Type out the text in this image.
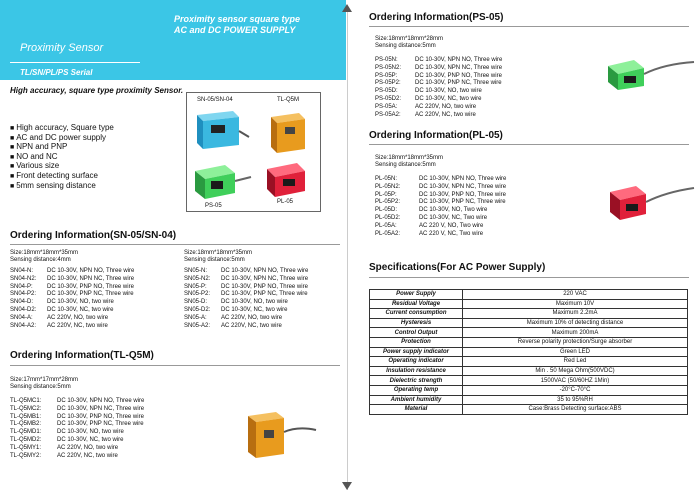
Proximity sensor square type
AC and DC POWER SUPPLY
Proximity Sensor
TL/SN/PL/PS Serial
High accuracy, square type proximity Sensor.
■ High accuracy, Square type
■ AC and DC power supply
■ NPN and PNP
■ NO and NC
■ Various size
■ Front detecting surface
■ 5mm sensing distance
SN-05/SN-04	TL-Q5M
PS-05
PL-05
Ordering Information(SN-05/SN-04)
Size:18mm*18mm*35mm
Sensing distance:4mm
SN04-N: DC 10-30V, NPN NO, Three wire
SN04-N2: DC 10-30V, NPN NC, Three wire
SN04-P: DC 10-30V, PNP NO, Three wire
SN04-P2: DC 10-30V, PNP NC, Three wire
SN04-D: DC 10-30V, NO, two wire
SN04-D2: DC 10-30V, NC, two wire
SN04-A: AC 220V, NO, two wire
SN04-A2: AC 220V, NC, two wire
Size:18mm*18mm*35mm
Sensing distance:5mm
SN05-N: DC 10-30V, NPN NO, Three wire
SN05-N2: DC 10-30V, NPN NC, Three wire
SN05-P: DC 10-30V, PNP NO, Three wire
SN05-P2: DC 10-30V, PNP NC, Three wire
SN05-D: DC 10-30V, NO, two wire
SN05-D2: DC 10-30V, NC, two wire
SN05-A: AC 220V, NO, two wire
SN05-A2: AC 220V, NC, two wire
Ordering Information(TL-Q5M)
Size:17mm*17mm*28mm
Sensing distance:5mm
TL-Q5MC1:	DC 10-30V, NPN NO, Three wire
TL-Q5MC2:	DC 10-30V, NPN NC, Three wire
TL-Q5MB1:	DC 10-30V, PNP NO, Three wire
TL-Q5MB2:	DC 10-30V, PNP NC, Three wire
TL-Q5MD1:	DC 10-30V, NO, two wire
TL-Q5MD2:	DC 10-30V, NC, two wire
TL-Q5MY1:	AC 220V, NO, two wire
TL-Q5MY2:	AC 220V, NC, two wire
Ordering Information(PS-05)
Size:18mm*18mm*28mm
Sensing distance:5mm
PS-05N:	DC 10-30V, NPN NO, Three wire
PS-05N2: DC 10-30V, NPN NC, Three wire
PS-05P:	DC 10-30V, PNP NO, Three wire
PS-05P2: DC 10-30V, PNP NC, Three wire
PS-05D:	DC 10-30V, NO, two wire
PS-05D2: DC 10-30V, NC, two wire
PS-05A:	AC 220V, NO, two wire
PS-05A2: AC 220V, NC, two wire
Ordering Information(PL-05)
Size:18mm*18mm*35mm
Sensing distance:5mm
PL-05N:	DC 10-30V, NPN NO, Three wire
PL-05N2:	DC 10-30V, NPN NC, Three wire
PL-05P:	DC 10-30V, PNP NO, Three wire
PL-05P2:	DC 10-30V, PNP NC, Three wire
PL-05D:	DC 10-30V, NO, Two wire
PL-05D2:	DC 10-30V, NC, Two wire
PL-05A:	AC 220 V, NO, Two wire
PL-05A2:	AC 220 V, NC, Two wire
Specifications(For AC Power Supply)
Power Supply	220 VAC
Residual Voltage	Maximum 10V
Current consumption	Maximum 2.2mA
Hysteresis	Maximum 10% of detecting distance
Control Output	Maximum 200mA
Protection	Reverse polarity protection/Surge absorber
Power supply indicator	Green LED
Operating indicator	Red Led
Insulation resistance	Min . 50 Mega Ohm(500VDC)
Dielectric strength	1500VAC (50/60HZ 1Min)
Operating temp	-20°C-70°C
Ambient humidity	35 to 95%RH
Material	Case:Brass Detecting surface:ABS
